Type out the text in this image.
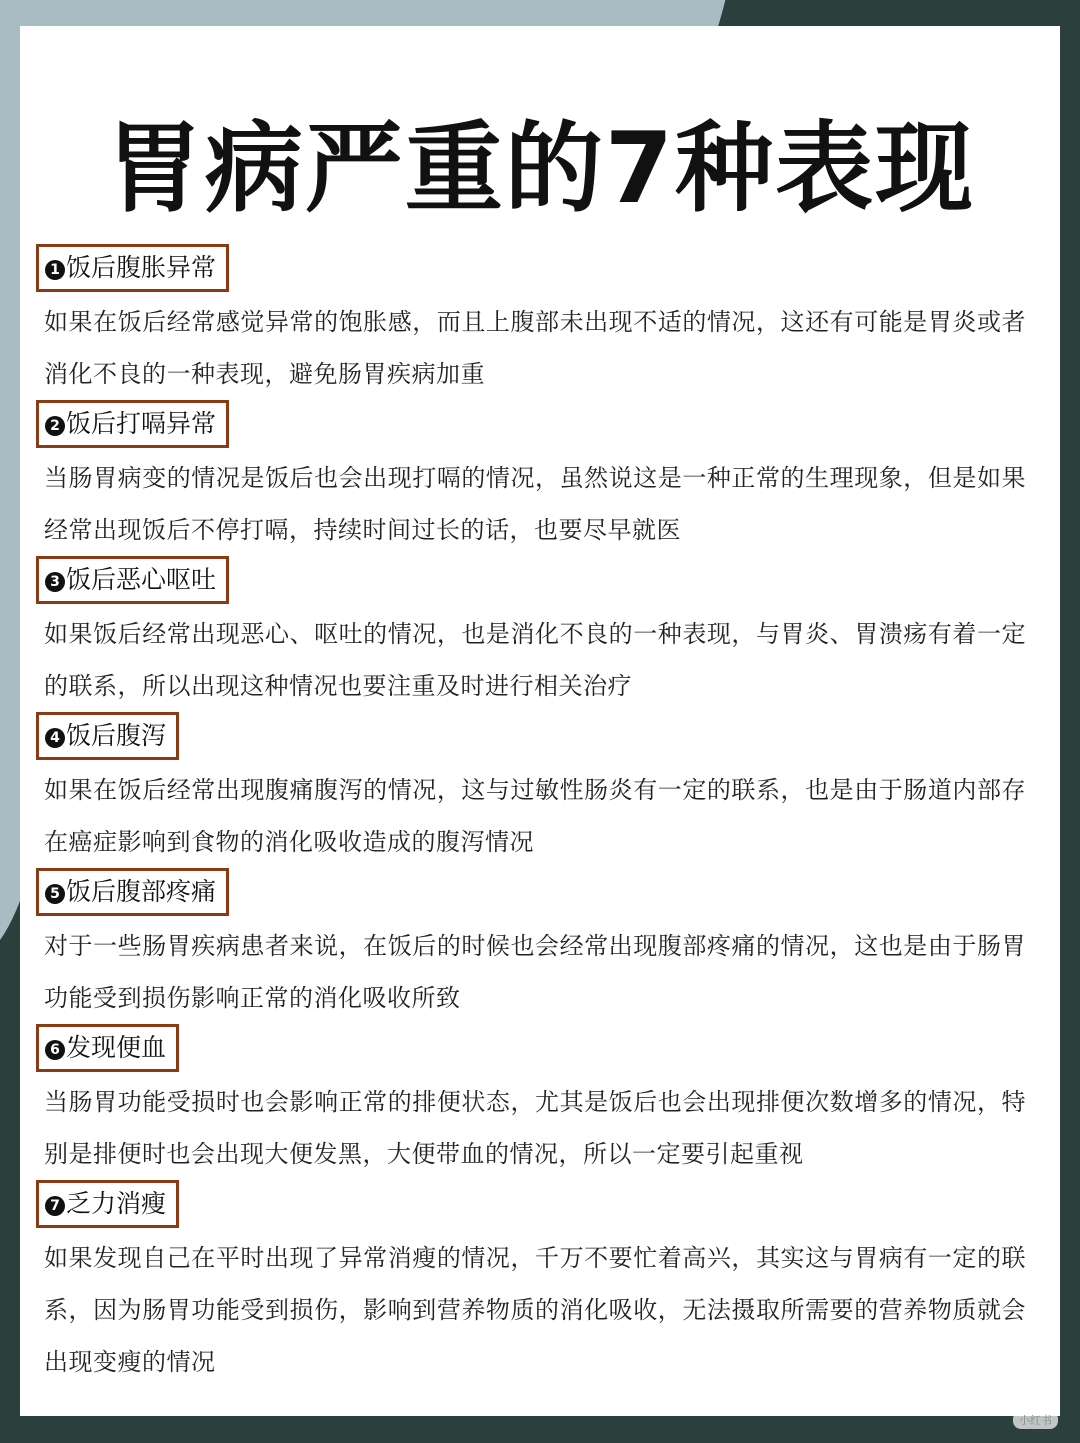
胃病严重的7种表现
1 饭后腹胀异常
如果在饭后经常感觉异常的饱胀感，而且上腹部未出现不适的情况，这还有可能是胃炎或者消化不良的一种表现，避免肠胃疾病加重
2 饭后打嗝异常
当肠胃病变的情况是饭后也会出现打嗝的情况，虽然说这是一种正常的生理现象，但是如果经常出现饭后不停打嗝，持续时间过长的话，也要尽早就医
3 饭后恶心呕吐
如果饭后经常出现恶心、呕吐的情况，也是消化不良的一种表现，与胃炎、胃溃疡有着一定的联系，所以出现这种情况也要注重及时进行相关治疗
4 饭后腹泻
如果在饭后经常出现腹痛腹泻的情况，这与过敏性肠炎有一定的联系，也是由于肠道内部存在癌症影响到食物的消化吸收造成的腹泻情况
5 饭后腹部疼痛
对于一些肠胃疾病患者来说，在饭后的时候也会经常出现腹部疼痛的情况，这也是由于肠胃功能受到损伤影响正常的消化吸收所致
6 发现便血
当肠胃功能受损时也会影响正常的排便状态，尤其是饭后也会出现排便次数增多的情况，特别是排便时也会出现大便发黑，大便带血的情况，所以一定要引起重视
7 乏力消瘦
如果发现自己在平时出现了异常消瘦的情况，千万不要忙着高兴，其实这与胃病有一定的联系，因为肠胃功能受到损伤，影响到营养物质的消化吸收，无法摄取所需要的营养物质就会出现变瘦的情况
小红书
